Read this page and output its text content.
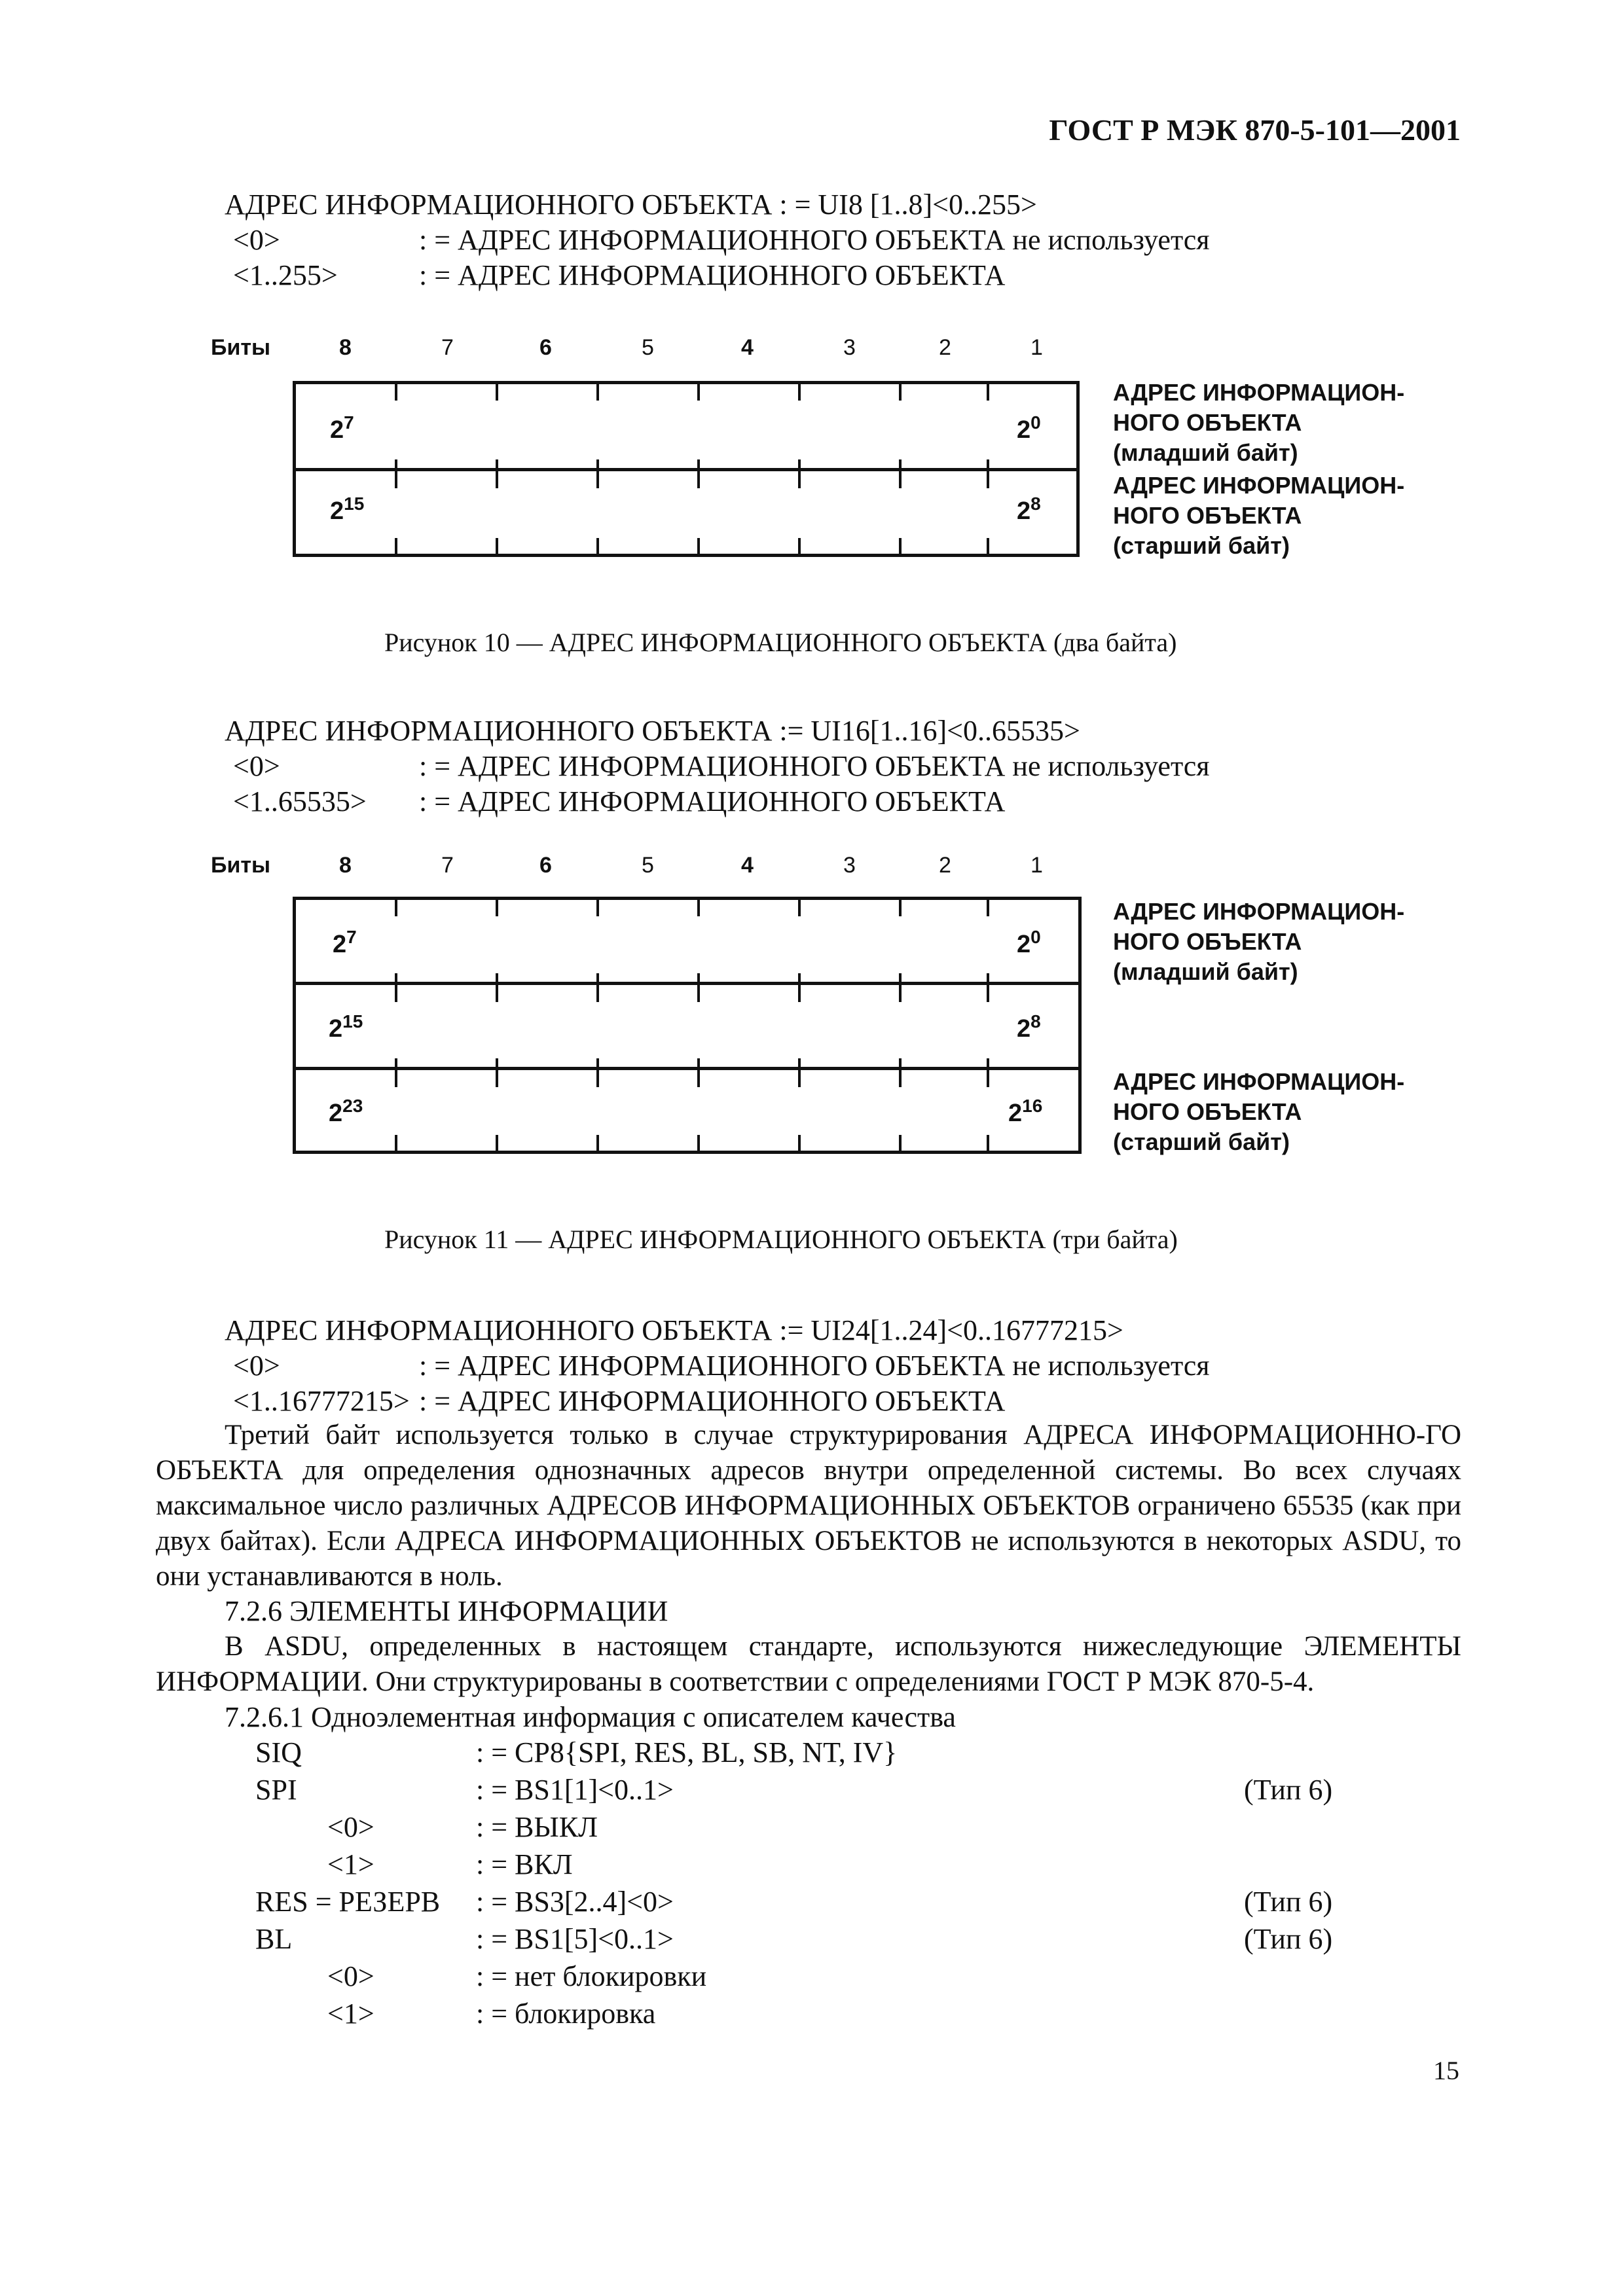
ГОСТ Р МЭК 870-5-101—2001
АДРЕС ИНФОРМАЦИОННОГО ОБЪЕКТА : = UI8 [1..8]<0..255>
<0>	: = АДРЕС ИНФОРМАЦИОННОГО ОБЪЕКТА не используется
<1..255>	: = АДРЕС ИНФОРМАЦИОННОГО ОБЪЕКТА
Биты	8	7	6	5	4	3	2	1
$2^7$	$2^0$
$2^{15}$	$2^8$
АДРЕС ИНФОРМАЦИОН-
НОГО ОБЪЕКТА
(младший байт)
АДРЕС ИНФОРМАЦИОН-
НОГО ОБЪЕКТА
(старший байт)
Рисунок 10 — АДРЕС ИНФОРМАЦИОННОГО ОБЪЕКТА (два байта)
АДРЕС ИНФОРМАЦИОННОГО ОБЪЕКТА := UI16[1..16]<0..65535>
<0>	: = АДРЕС ИНФОРМАЦИОННОГО ОБЪЕКТА не используется
<1..65535> : = АДРЕС ИНФОРМАЦИОННОГО ОБЪЕКТА
Биты	8	7	6	5	4	3	2	1
$2^7$	$2^0$
$2^{15}$	$2^8$
$2^{23}$	$2^{16}$
АДРЕС ИНФОРМАЦИОН-
НОГО ОБЪЕКТА
(младший байт)
АДРЕС ИНФОРМАЦИОН-
НОГО ОБЪЕКТА
(старший байт)
Рисунок 11 — АДРЕС ИНФОРМАЦИОННОГО ОБЪЕКТА (три байта)
АДРЕС ИНФОРМАЦИОННОГО ОБЪЕКТА := UI24[1..24]<0..16777215>
<0>	: = АДРЕС ИНФОРМАЦИОННОГО ОБЪЕКТА не используется
<1..16777215> : = АДРЕС ИНФОРМАЦИОННОГО ОБЪЕКТА
Третий байт используется только в случае структурирования АДРЕСА ИНФОРМАЦИОННО-ГО ОБЪЕКТА для определения однозначных адресов внутри определенной системы. Во всех случаях максимальное число различных АДРЕСОВ ИНФОРМАЦИОННЫХ ОБЪЕКТОВ ограничено 65535 (как при двух байтах). Если АДРЕСА ИНФОРМАЦИОННЫХ ОБЪЕКТОВ не используются в некоторых ASDU, то они устанавливаются в ноль.
7.2.6 ЭЛЕМЕНТЫ ИНФОРМАЦИИ
В ASDU, определенных в настоящем стандарте, используются нижеследующие ЭЛЕМЕНТЫ ИНФОРМАЦИИ. Они структурированы в соответствии с определениями ГОСТ Р МЭК 870-5-4.
7.2.6.1 Одноэлементная информация с описателем качества
SIQ	: = CP8{SPI, RES, BL, SB, NT, IV}
SPI	: = BS1[1]<0..1>	(Тип 6)
<0>	: = ВЫКЛ
<1>	: = ВКЛ
RES = РЕЗЕРВ : = BS3[2..4]<0>	(Тип 6)
BL	: = BS1[5]<0..1>	(Тип 6)
<0>	: = нет блокировки
<1>	: = блокировка
15
